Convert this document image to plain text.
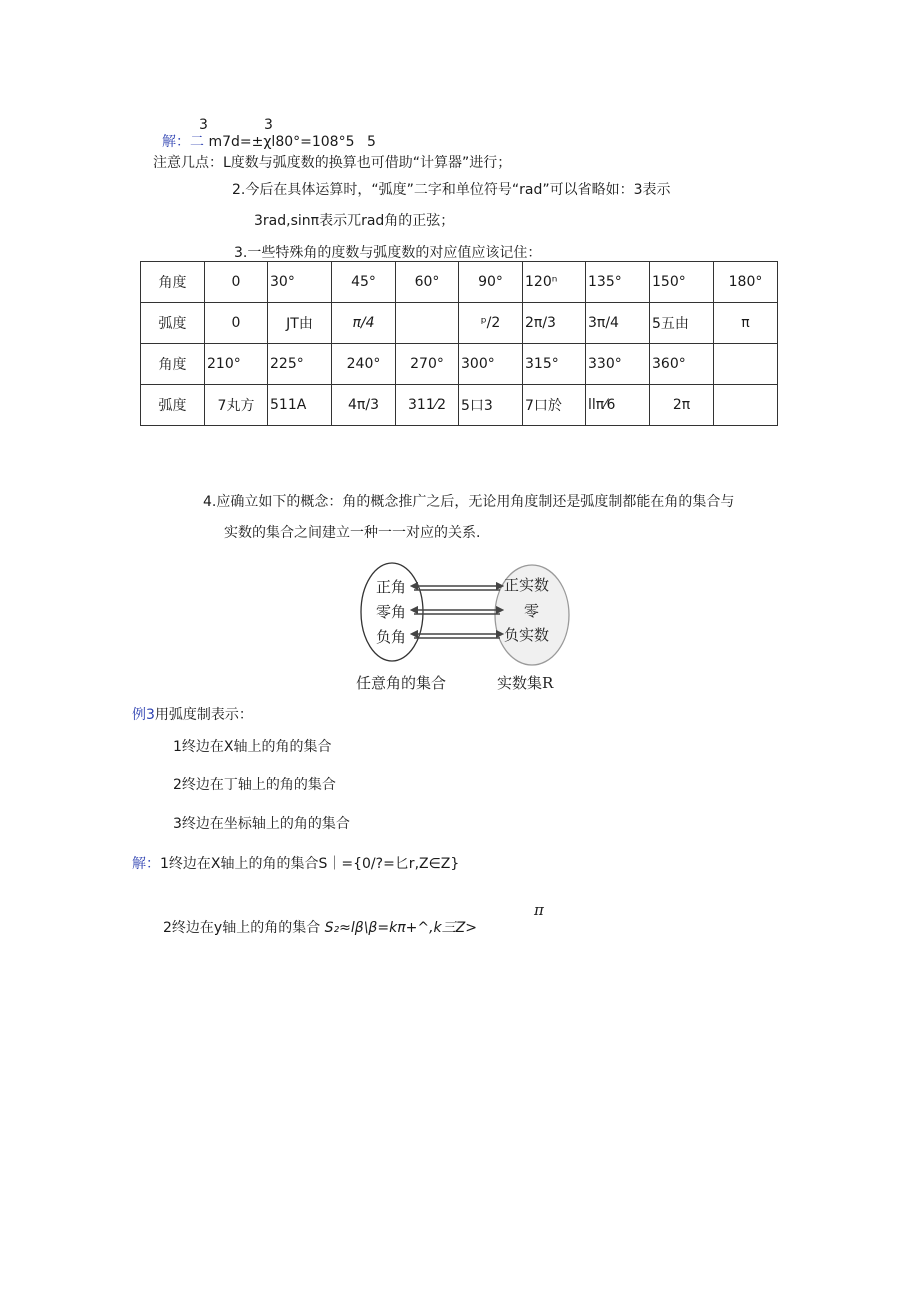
3	3
解：二 m7d=±χl80°=108°5 5
注意几点：L度数与弧度数的换算也可借助“计算器”进行；
2.今后在具体运算时，“弧度”二字和单位符号“rad”可以省略如：3表示
3rad,sinπ表示兀rad角的正弦；
3.一些特殊角的度数与弧度数的对应值应该记住：
角度	0	30°	45°	60°	90°	120ⁿ	135°	150°	180°
弧度	0	JT由	π/4		ᵖ/2	2π/3	3π/4	5五由	π
角度	210°	225°	240°	270°	300°	315°	330°	360°	
弧度	7丸方	511A	4π/3	311⁄2	5口3	7口於	llπ⁄6	2π	
4.应确立如下的概念：角的概念推广之后，无论用角度制还是弧度制都能在角的集合与
实数的集合之间建立一种一一对应的关系.
正角
零角
负角
正实数
零
负实数
任意角的集合	实数集R
例3用弧度制表示：
1终边在X轴上的角的集合
2终边在丁轴上的角的集合
3终边在坐标轴上的角的集合
解：1终边在X轴上的角的集合S｜={0/?=匕r,Z∈Z}
π
2终边在y轴上的角的集合 S₂≈lβ\β=kπ+^,k三Z>
